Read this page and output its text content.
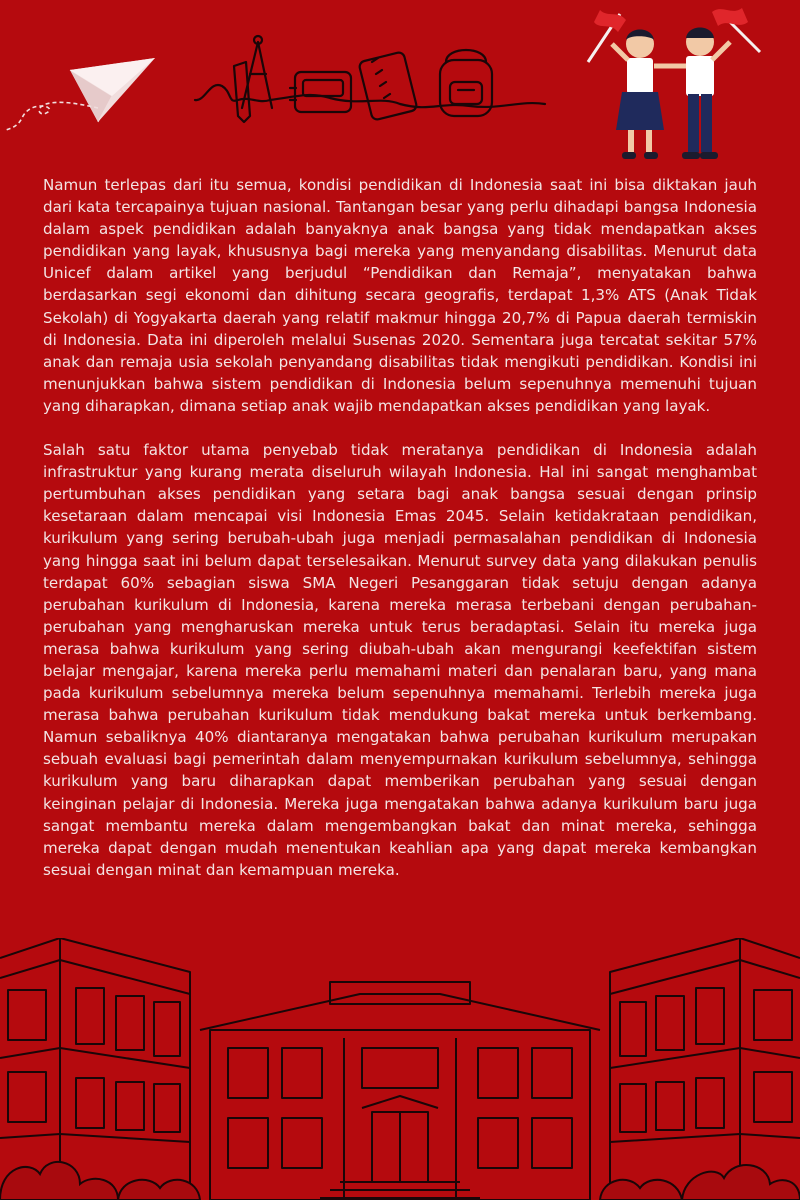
Namun terlepas dari itu semua, kondisi pendidikan di Indonesia saat ini bisa diktakan jauh dari kata tercapainya tujuan nasional. Tantangan besar yang perlu dihadapi bangsa Indonesia dalam aspek pendidikan adalah banyaknya anak bangsa yang tidak mendapatkan akses pendidikan yang layak, khususnya bagi mereka yang menyandang disabilitas. Menurut data Unicef dalam artikel yang berjudul “Pendidikan dan Remaja”, menyatakan bahwa berdasarkan segi ekonomi dan dihitung secara geografis, terdapat 1,3% ATS (Anak Tidak Sekolah) di Yogyakarta daerah yang relatif makmur hingga 20,7% di Papua daerah termiskin di Indonesia. Data ini diperoleh melalui Susenas 2020. Sementara juga tercatat sekitar 57% anak dan remaja usia sekolah penyandang disabilitas tidak mengikuti pendidikan. Kondisi ini menunjukkan bahwa sistem pendidikan di Indonesia belum sepenuhnya memenuhi tujuan yang diharapkan, dimana setiap anak wajib mendapatkan akses pendidikan yang layak.

Salah satu faktor utama penyebab tidak meratanya pendidikan di Indonesia adalah infrastruktur yang kurang merata diseluruh wilayah Indonesia. Hal ini sangat menghambat pertumbuhan akses pendidikan yang setara bagi anak bangsa sesuai dengan prinsip kesetaraan dalam mencapai visi Indonesia Emas 2045. Selain ketidakrataan pendidikan, kurikulum yang sering berubah-ubah juga menjadi permasalahan pendidikan di Indonesia yang hingga saat ini belum dapat terselesaikan. Menurut survey data yang dilakukan penulis terdapat 60% sebagian siswa SMA Negeri Pesanggaran tidak setuju dengan adanya perubahan kurikulum di Indonesia, karena mereka merasa terbebani dengan perubahan-perubahan yang mengharuskan mereka untuk terus beradaptasi. Selain itu mereka juga merasa bahwa kurikulum yang sering diubah-ubah akan mengurangi keefektifan sistem belajar mengajar, karena mereka perlu memahami materi dan penalaran baru, yang mana pada kurikulum sebelumnya mereka belum sepenuhnya memahami. Terlebih mereka juga merasa bahwa perubahan kurikulum tidak mendukung bakat mereka untuk berkembang. Namun sebaliknya 40% diantaranya mengatakan bahwa perubahan kurikulum merupakan sebuah evaluasi bagi pemerintah dalam menyempurnakan kurikulum sebelumnya, sehingga kurikulum yang baru diharapkan dapat memberikan perubahan yang sesuai dengan keinginan pelajar di Indonesia. Mereka juga mengatakan bahwa adanya kurikulum baru juga sangat membantu mereka dalam mengembangkan bakat dan minat mereka, sehingga mereka dapat dengan mudah menentukan keahlian apa yang dapat mereka kembangkan sesuai dengan minat dan kemampuan mereka.
